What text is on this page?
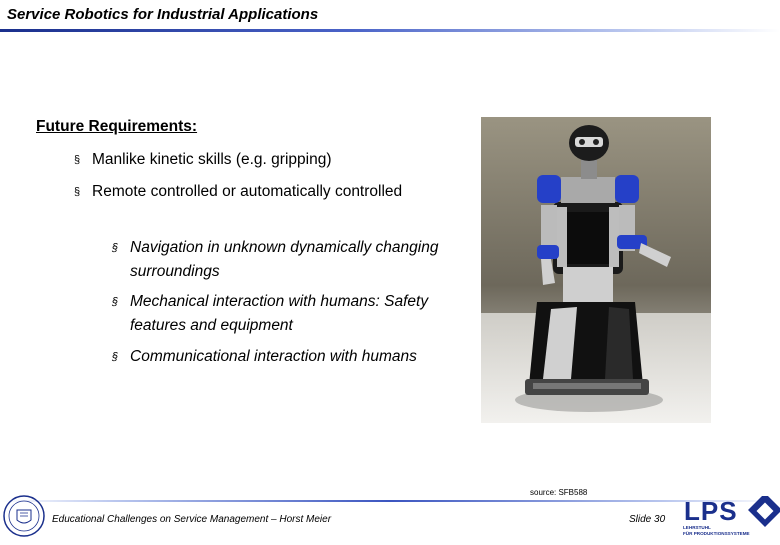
Service Robotics for Industrial Applications
Future Requirements:
§ Manlike kinetic skills (e.g. gripping)
§ Remote controlled or automatically controlled
§ Navigation in unknown dynamically changing surroundings
§ Mechanical interaction with humans: Safety features and equipment
§ Communicational interaction with humans
source: SFB588
Educational Challenges on Service Management – Horst Meier	Slide 30 LPS
LEHRSTUHL
FÜR PRODUKTIONSSYSTEME
